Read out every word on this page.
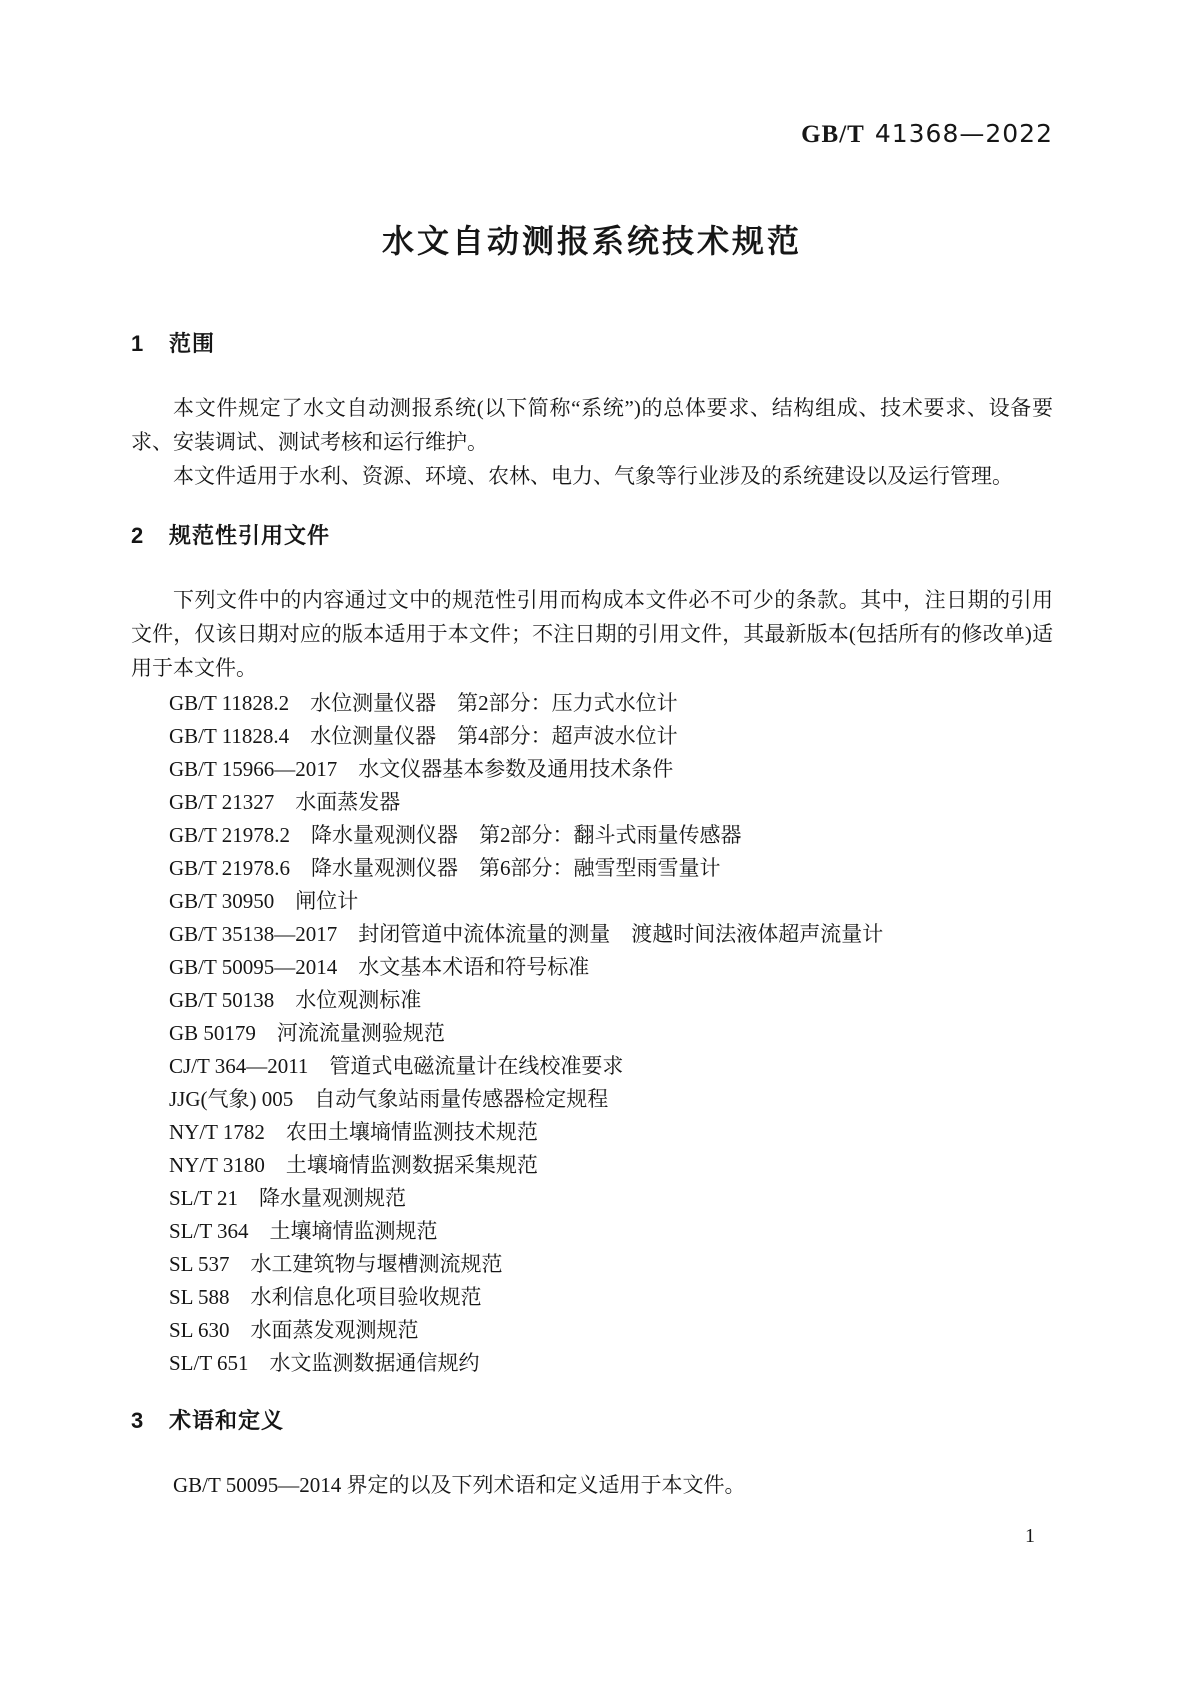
GB/T 41368—2022
水文自动测报系统技术规范
1 范围

本文件规定了水文自动测报系统(以下简称“系统”)的总体要求、结构组成、技术要求、设备要求、安装调试、测试考核和运行维护。

本文件适用于水利、资源、环境、农林、电力、气象等行业涉及的系统建设以及运行管理。

2 规范性引用文件

下列文件中的内容通过文中的规范性引用而构成本文件必不可少的条款。其中，注日期的引用文件，仅该日期对应的版本适用于本文件；不注日期的引用文件，其最新版本(包括所有的修改单)适用于本文件。

GB/T 11828.2　水位测量仪器　第2部分：压力式水位计
GB/T 11828.4　水位测量仪器　第4部分：超声波水位计
GB/T 15966—2017　水文仪器基本参数及通用技术条件
GB/T 21327　水面蒸发器
GB/T 21978.2　降水量观测仪器　第2部分：翻斗式雨量传感器
GB/T 21978.6　降水量观测仪器　第6部分：融雪型雨雪量计
GB/T 30950　闸位计
GB/T 35138—2017　封闭管道中流体流量的测量　渡越时间法液体超声流量计
GB/T 50095—2014　水文基本术语和符号标准
GB/T 50138　水位观测标准
GB 50179　河流流量测验规范
CJ/T 364—2011　管道式电磁流量计在线校准要求
JJG(气象) 005　自动气象站雨量传感器检定规程
NY/T 1782　农田土壤墒情监测技术规范
NY/T 3180　土壤墒情监测数据采集规范
SL/T 21　降水量观测规范
SL/T 364　土壤墒情监测规范
SL 537　水工建筑物与堰槽测流规范
SL 588　水利信息化项目验收规范
SL 630　水面蒸发观测规范
SL/T 651　水文监测数据通信规约
3 术语和定义

GB/T 50095—2014 界定的以及下列术语和定义适用于本文件。

1
